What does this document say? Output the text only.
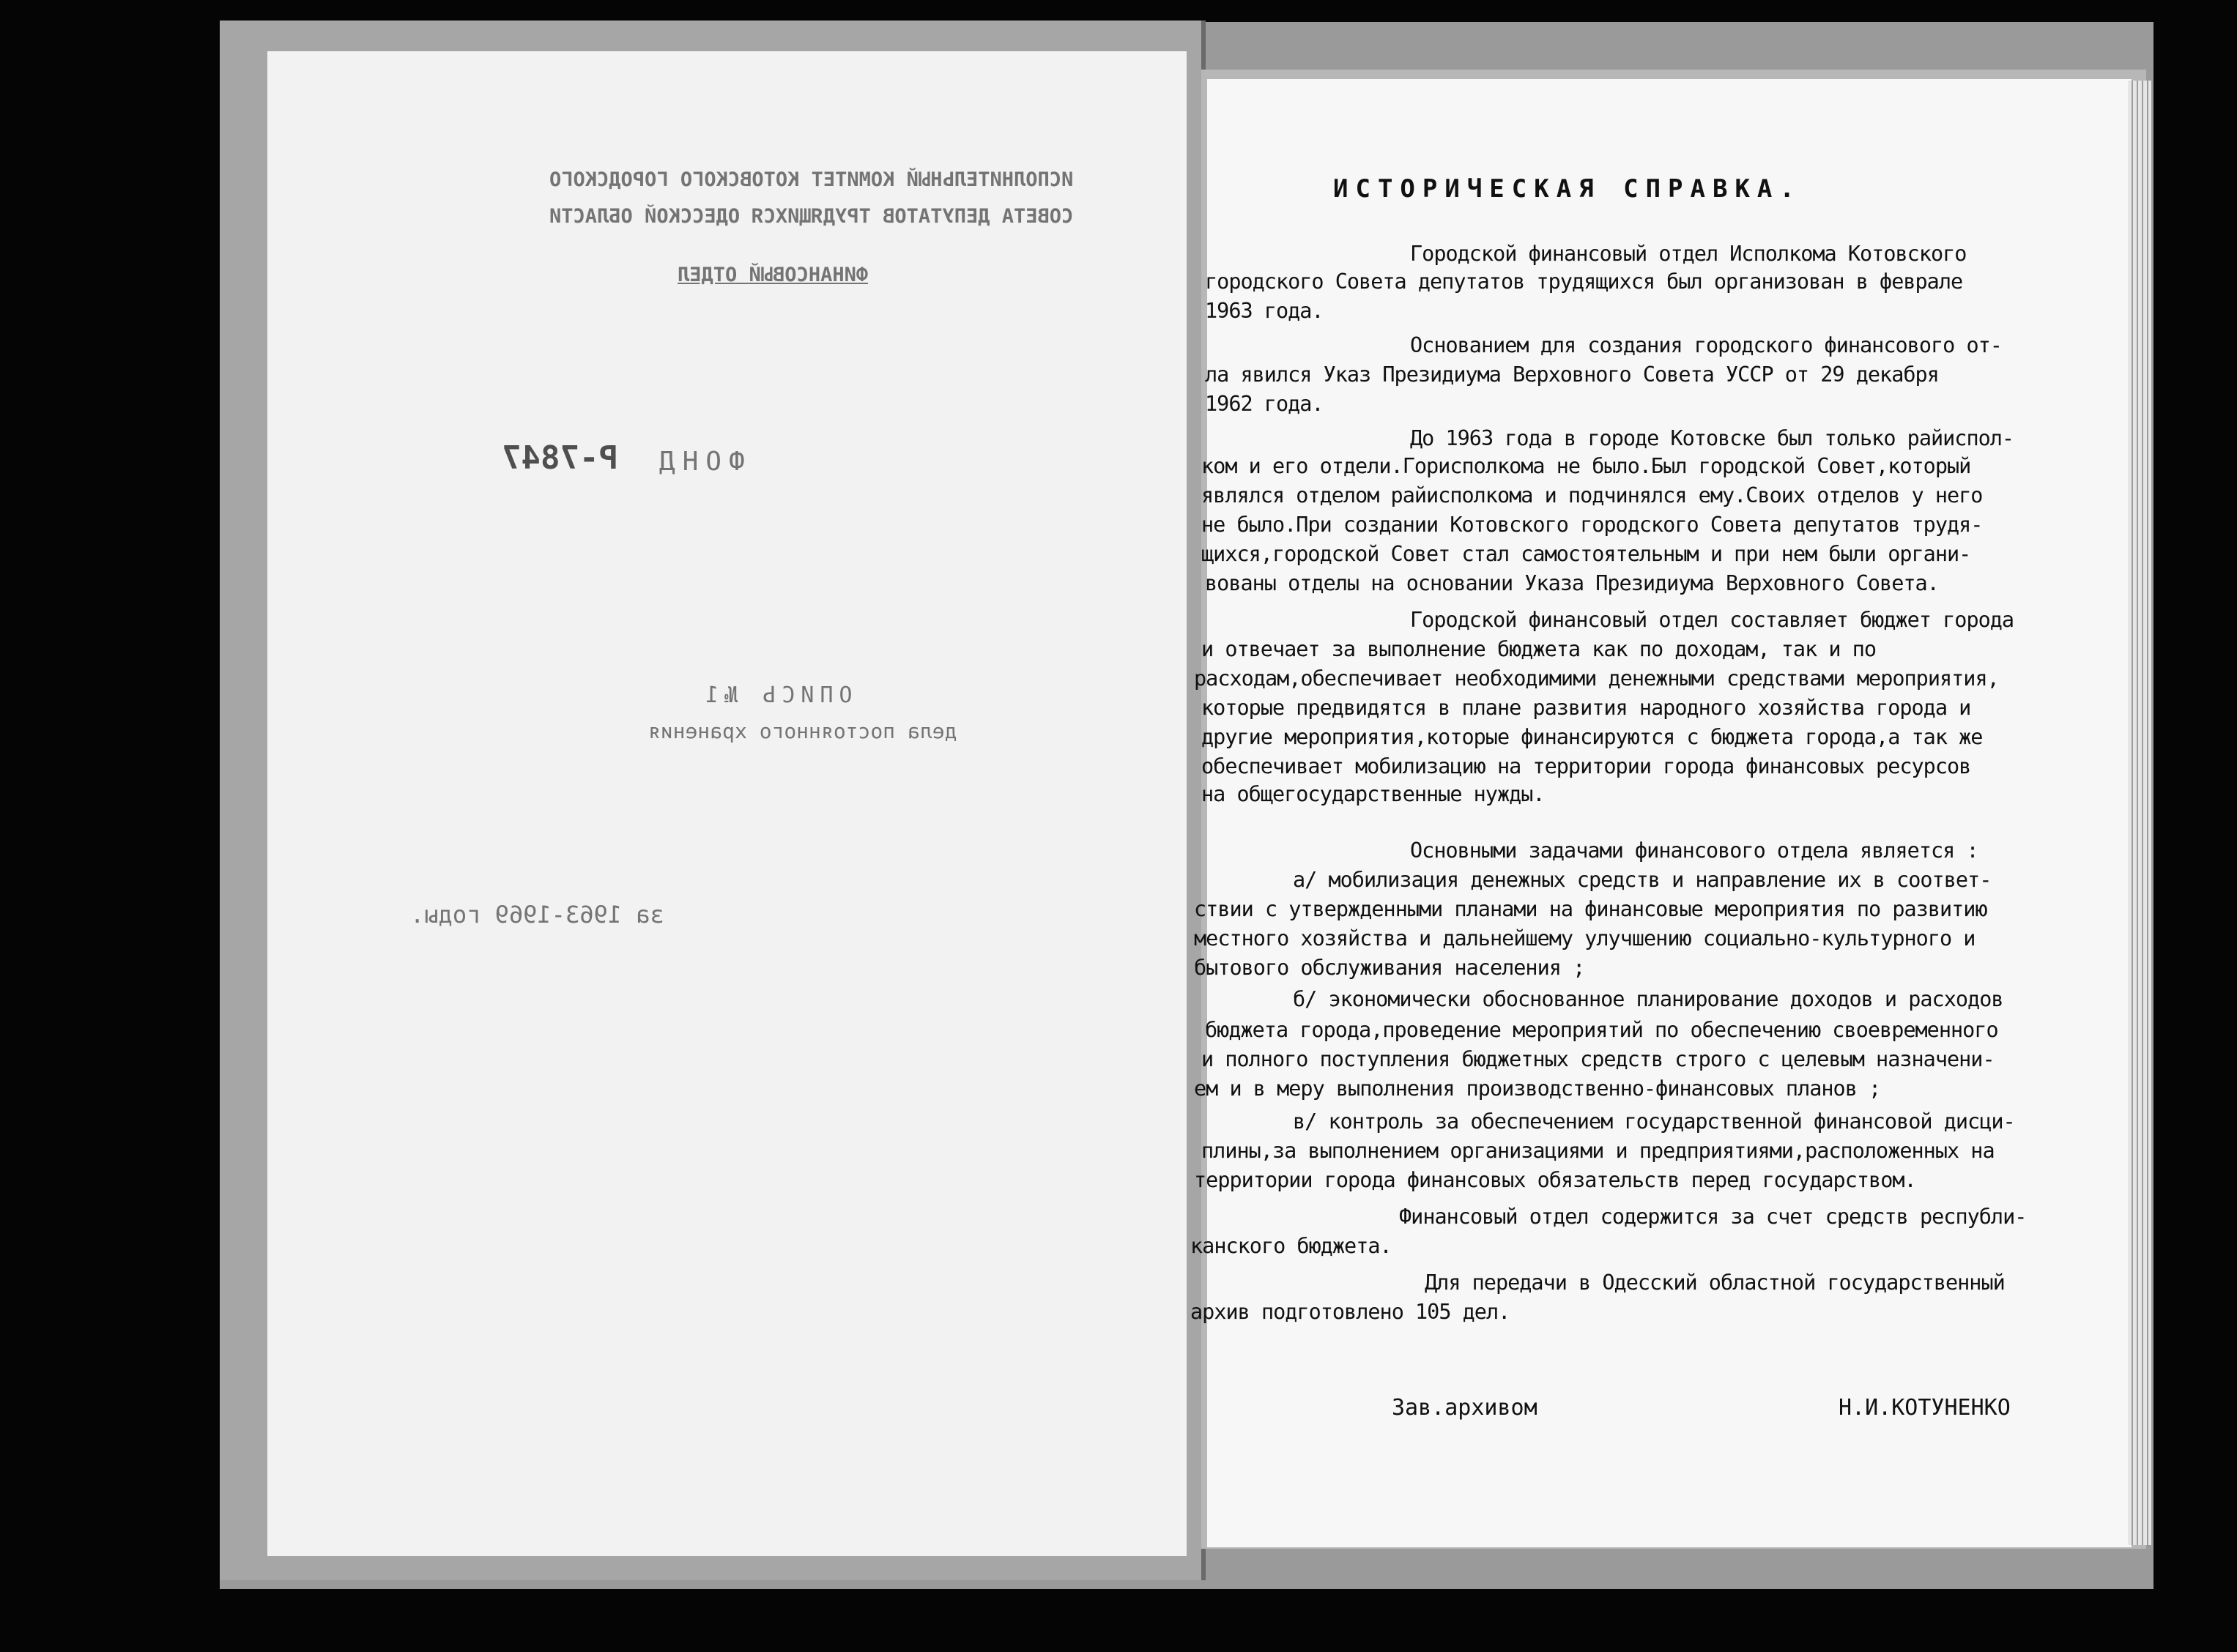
ИСПОЛНИТЕЛЬНЫЙ КОМИТЕТ КОТОВСКОГО ГОРОДСКОГО
СОВЕТА ДЕПУТАТОВ ТРУДЯЩИХСЯ ОДЕССКОЙ ОБЛАСТИ
ФИНАНСОВЫЙ ОТДЕЛ
ФОНД
Р-7847
ОПИСЬ №1
дела постоянного хранения
за 1963-1969 годы.
ИСТОРИЧЕСКАЯ СПРАВКА.
Городской финансовый отдел Исполкома Котовского
городского Совета депутатов трудящихся был организован в феврале
1963 года.
Основанием для создания городского финансового от-
ла явился Указ Президиума Верховного Совета УССР от 29 декабря
1962 года.
До 1963 года в городе Котовске был только райиспол-
ком и его отдели.Горисполкома не было.Был городской Совет,который
являлся отделом райисполкома и подчинялся ему.Своих отделов у него
не было.При создании Котовского городского Совета депутатов трудя-
щихся,городской Совет стал самостоятельным и при нем были органи-
вованы отделы на основании Указа Президиума Верховного Совета.
Городской финансовый отдел составляет бюджет города
и отвечает за выполнение бюджета как по доходам, так и по
расходам,обеспечивает необходимими денежными средствами мероприятия,
которые предвидятся в плане развития народного хозяйства города и
другие мероприятия,которые финансируются с бюджета города,а так же
обеспечивает мобилизацию на территории города финансовых ресурсов
на общегосударственные нужды.
Основными задачами финансового отдела является :
а/ мобилизация денежных средств и направление их в соответ-
ствии с утвержденными планами на финансовые мероприятия по развитию
местного хозяйства и дальнейшему улучшению социально-культурного и
бытового обслуживания населения ;
б/ экономически обоснованное планирование доходов и расходов
бюджета города,проведение мероприятий по обеспечению своевременного
и полного поступления бюджетных средств строго с целевым назначени-
ем и в меру выполнения производственно-финансовых планов ;
в/ контроль за обеспечением государственной финансовой дисци-
плины,за выполнением организациями и предприятиями,расположенных на
территории города финансовых обязательств перед государством.
Финансовый отдел содержится за счет средств республи-
канского бюджета.
Для передачи в Одесский областной государственный
архив подготовлено 105 дел.
Зав.архивом	Н.И.КОТУНЕНКО
